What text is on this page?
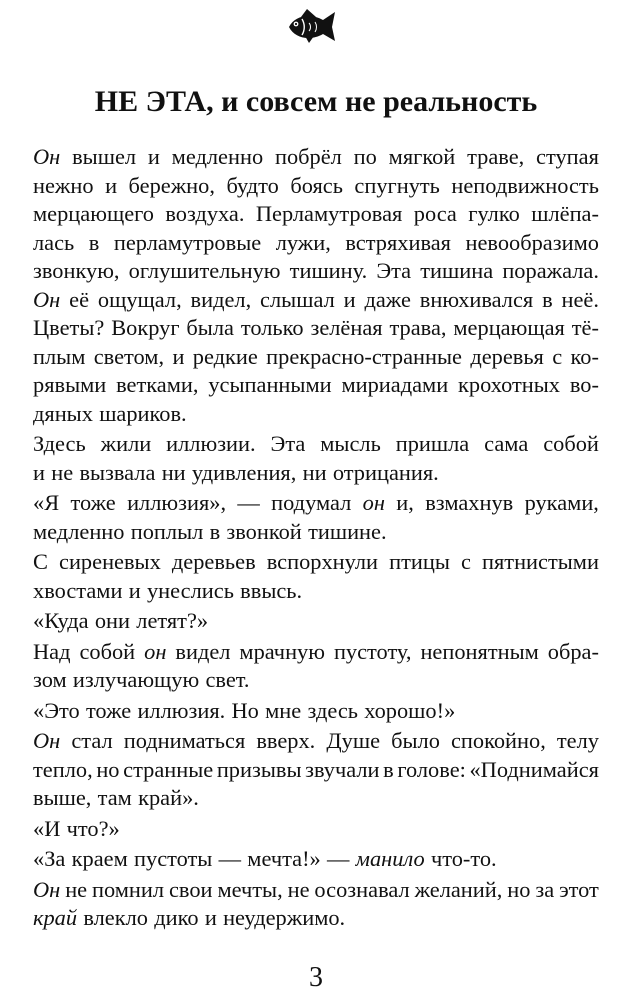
НЕ ЭТА, и совсем не реальность
Он вышел и медленно побрёл по мягкой траве, ступая
нежно и бережно, будто боясь спугнуть неподвижность
мерцающего воздуха. Перламутровая роса гулко шлёпа-
лась в перламутровые лужи, встряхивая невообразимо
звонкую, оглушительную тишину. Эта тишина поражала.
Он её ощущал, видел, слышал и даже внюхивался в неё.
Цветы? Вокруг была только зелёная трава, мерцающая тё-
плым светом, и редкие прекрасно-странные деревья с ко-
рявыми ветками, усыпанными мириадами крохотных во-
дяных шариков.
Здесь жили иллюзии. Эта мысль пришла сама собой
и не вызвала ни удивления, ни отрицания.
«Я тоже иллюзия», — подумал он и, взмахнув руками,
медленно поплыл в звонкой тишине.
С сиреневых деревьев вспорхнули птицы с пятнистыми
хвостами и унеслись ввысь.
«Куда они летят?»
Над собой он видел мрачную пустоту, непонятным обра-
зом излучающую свет.
«Это тоже иллюзия. Но мне здесь хорошо!»
Он стал подниматься вверх. Душе было спокойно, телу
тепло, но странные призывы звучали в голове: «Поднимайся
выше, там край».
«И что?»
«За краем пустоты — мечта!» — манило что-то.
Он не помнил свои мечты, не осознавал желаний, но за этот
край влекло дико и неудержимо.
3
